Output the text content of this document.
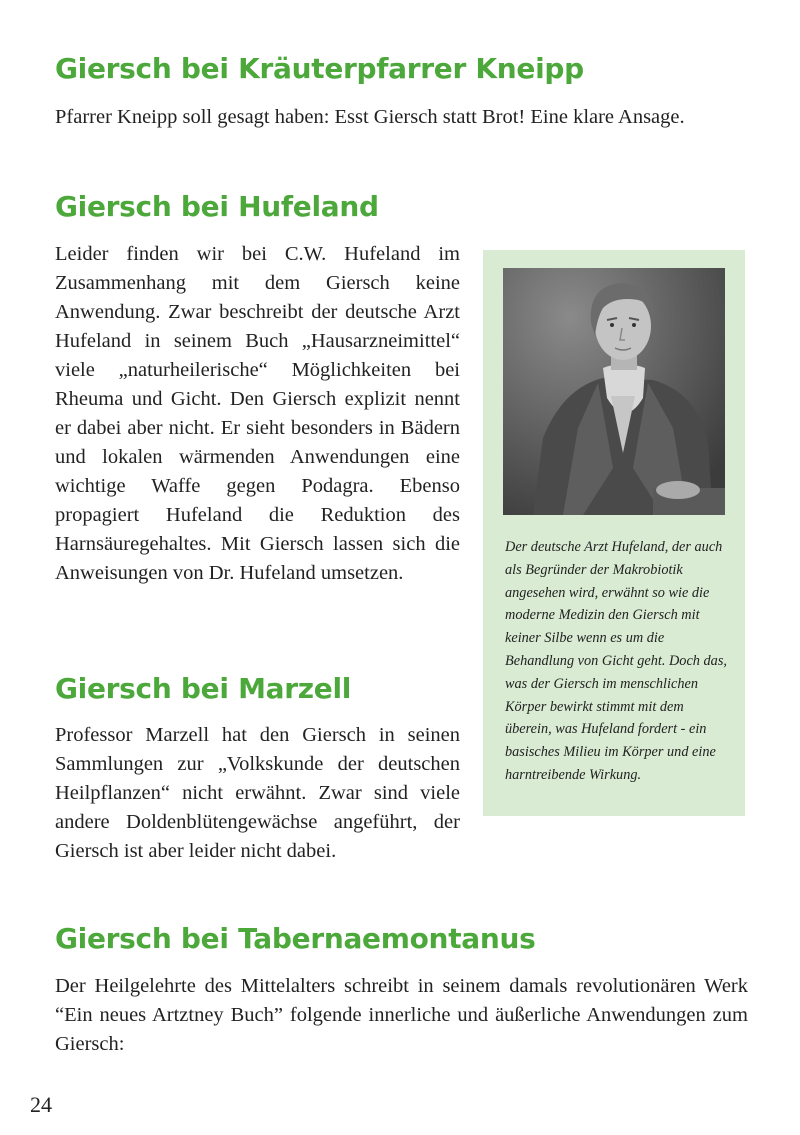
Giersch bei Kräuterpfarrer Kneipp

Pfarrer Kneipp soll gesagt haben: Esst Giersch statt Brot! Eine klare Ansage.

Giersch bei Hufeland

Leider finden wir bei C.W. Hufeland im Zusammenhang mit dem Giersch keine Anwendung. Zwar beschreibt der deutsche Arzt Hufeland in seinem Buch „Hausarzneimittel“ viele „naturheilerische“ Möglichkeiten bei Rheuma und Gicht. Den Giersch explizit nennt er dabei aber nicht. Er sieht besonders in Bädern und lokalen wärmenden Anwendungen eine wichtige Waffe gegen Podagra. Ebenso propagiert Hufeland die Reduktion des Harnsäuregehaltes. Mit Giersch lassen sich die Anweisungen von Dr. Hufeland umsetzen.

Der deutsche Arzt Hufeland, der auch als Begründer der Makrobiotik angesehen wird, erwähnt so wie die moderne Medizin den Giersch mit keiner Silbe wenn es um die Behandlung von Gicht geht. Doch das, was der Giersch im menschlichen Körper bewirkt stimmt mit dem überein, was Hufeland fordert - ein basisches Milieu im Körper und eine harntreibende Wirkung.

Giersch bei Marzell

Professor Marzell hat den Giersch in seinen Sammlungen zur „Volkskunde der deutschen Heilpflanzen“ nicht erwähnt. Zwar sind viele andere Doldenblütengewächse angeführt, der Giersch ist aber leider nicht dabei.

Giersch bei Tabernaemontanus

Der Heilgelehrte des Mittelalters schreibt in seinem damals revolutionären Werk “Ein neues Artztney Buch” folgende innerliche und äußerliche Anwendungen zum Giersch:

24
